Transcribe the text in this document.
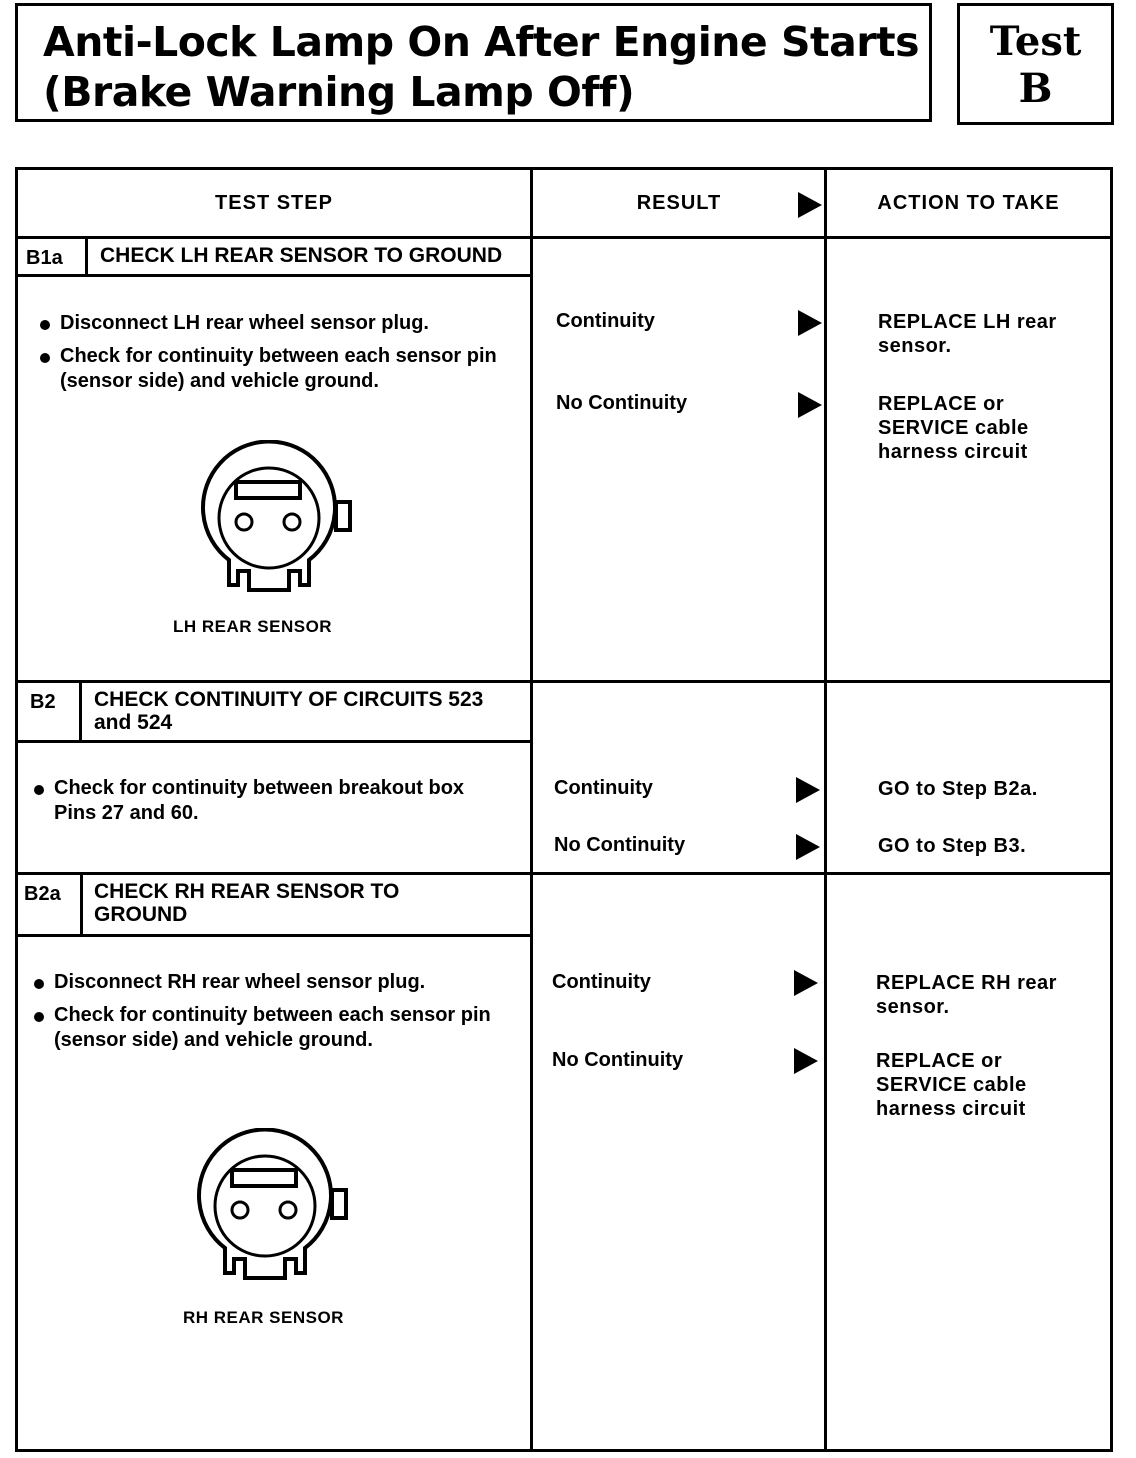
Anti-Lock Lamp On After Engine Starts
(Brake Warning Lamp Off)
Test
B
TEST STEP	RESULT	ACTION TO TAKE
B1a CHECK LH REAR SENSOR TO GROUND
Disconnect LH rear wheel sensor plug.
Check for continuity between each sensor pin (sensor side) and vehicle ground.
LH REAR SENSOR
Continuity	REPLACE LH rear sensor.
No Continuity	REPLACE or SERVICE cable harness circuit
B2 CHECK CONTINUITY OF CIRCUITS 523 and 524
Check for continuity between breakout box Pins 27 and 60.
Continuity	GO to Step B2a.
No Continuity	GO to Step B3.
B2a CHECK RH REAR SENSOR TO GROUND
Disconnect RH rear wheel sensor plug.
Check for continuity between each sensor pin (sensor side) and vehicle ground.
RH REAR SENSOR
Continuity	REPLACE RH rear sensor.
No Continuity	REPLACE or SERVICE cable harness circuit
